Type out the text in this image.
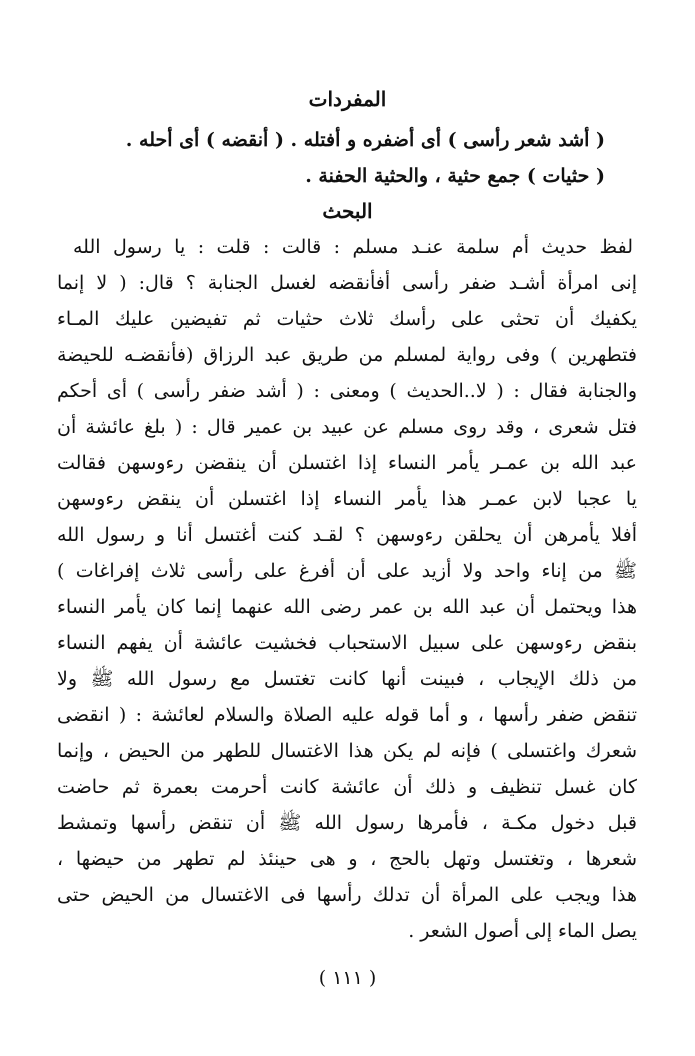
المفردات
( أشد شعر رأسى ) أى أضفره و أفتله . ( أنقضه ) أى أحله .
( حثيات ) جمع حثية ، والحثية الحفنة .
البحث
لفظ حديث أم سلمة عنـد مسلم : قالت : قلت : يا رسول الله
إنى امرأة أشـد ضفر رأسى أفأنقضه لغسل الجنابة ؟ قال: ( لا إنما
يكفيك أن تحثى على رأسك ثلاث حثيات ثم تفيضين عليك المـاء
فتطهرين ) وفى رواية لمسلم من طريق عبد الرزاق (فأنقضـه للحيضة
والجنابة فقال : ( لا..الحديث ) ومعنى : ( أشد ضفر رأسى ) أى أحكم
فتل شعرى ، وقد روى مسلم عن عبيد بن عمير قال : ( بلغ عائشة أن
عبد الله بن عمـر يأمر النساء إذا اغتسلن أن ينقضن رءوسهن فقالت
يا عجبا لابن عمـر هذا يأمر النساء إذا اغتسلن أن ينقض رءوسهن
أفلا يأمرهن أن يحلقن رءوسهن ؟ لقـد كنت أغتسل أنا و رسول الله
ﷺ من إناء واحد ولا أزيد على أن أفرغ على رأسى ثلاث إفراغات )
هذا ويحتمل أن عبد الله بن عمر رضى الله عنهما إنما كان يأمر النساء
بنقض رءوسهن على سبيل الاستحباب فخشيت عائشة أن يفهم النساء
من ذلك الإيجاب ، فبينت أنها كانت تغتسل مع رسول الله ﷺ ولا
تنقض ضفر رأسها ، و أما قوله عليه الصلاة والسلام لعائشة : ( انقضى
شعرك واغتسلى ) فإنه لم يكن هذا الاغتسال للطهر من الحيض ، وإنما
كان غسل تنظيف و ذلك أن عائشة كانت أحرمت بعمرة ثم حاضت
قبل دخول مكـة ، فأمرها رسول الله ﷺ أن تنقض رأسها وتمشط
شعرها ، وتغتسل وتهل بالحج ، و هى حينئذ لم تطهر من حيضها ،
هذا ويجب على المرأة أن تدلك رأسها فى الاغتسال من الحيض حتى
يصل الماء إلى أصول الشعر .
( ١١١ )
